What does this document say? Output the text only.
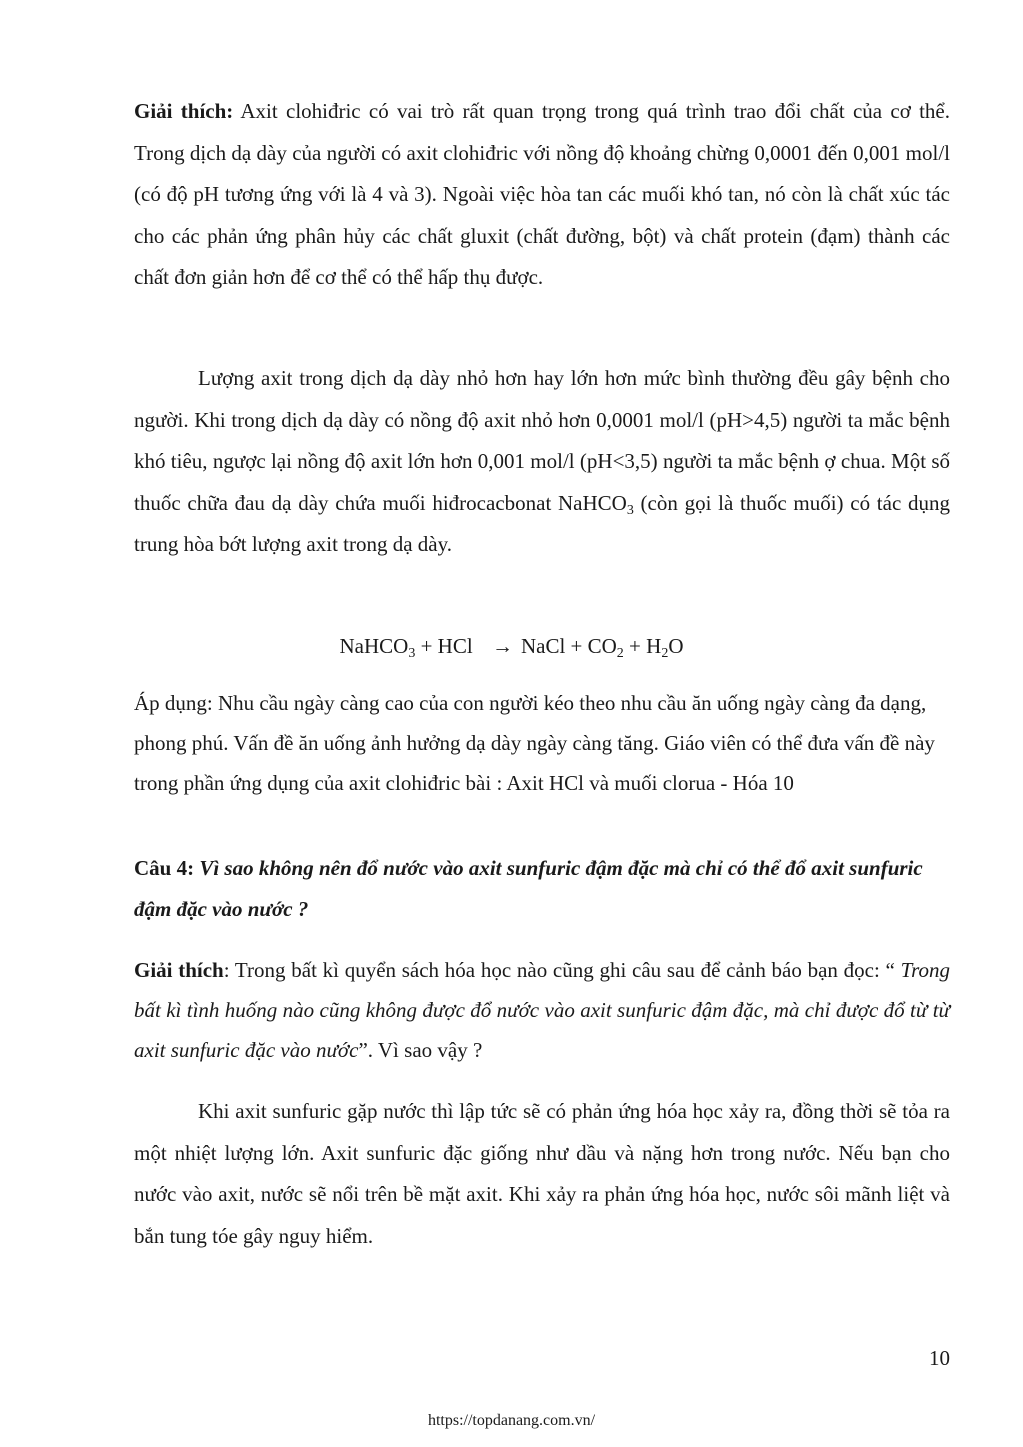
Giải thích: Axit clohiđric có vai trò rất quan trọng trong quá trình trao đổi chất của cơ thể. Trong dịch dạ dày của người có axit clohiđric với nồng độ khoảng chừng 0,0001 đến 0,001 mol/l (có độ pH tương ứng với là 4 và 3). Ngoài việc hòa tan các muối khó tan, nó còn là chất xúc tác cho các phản ứng phân hủy các chất gluxit (chất đường, bột) và chất protein (đạm) thành các chất đơn giản hơn để cơ thể có thể hấp thụ được.

Lượng axit trong dịch dạ dày nhỏ hơn hay lớn hơn mức bình thường đều gây bệnh cho người. Khi trong dịch dạ dày có nồng độ axit nhỏ hơn 0,0001 mol/l (pH>4,5) người ta mắc bệnh khó tiêu, ngược lại nồng độ axit lớn hơn 0,001 mol/l (pH<3,5) người ta mắc bệnh ợ chua. Một số thuốc chữa đau dạ dày chứa muối hiđrocacbonat NaHCO$_3$ (còn gọi là thuốc muối) có tác dụng trung hòa bớt lượng axit trong dạ dày.

NaHCO$_3$ + HCl → NaCl + $CO_2 + H_2O$

Áp dụng: Nhu cầu ngày càng cao của con người kéo theo nhu cầu ăn uống ngày càng đa dạng, phong phú. Vấn đề ăn uống ảnh hưởng dạ dày ngày càng tăng. Giáo viên có thể đưa vấn đề này trong phần ứng dụng của axit clohiđric bài : Axit HCl và muối clorua - Hóa 10

Câu 4: Vì sao không nên đổ nước vào axit sunfuric đậm đặc mà chỉ có thể đổ axit sunfuric đậm đặc vào nước ?

Giải thích: Trong bất kì quyển sách hóa học nào cũng ghi câu sau để cảnh báo bạn đọc: “ Trong bất kì tình huống nào cũng không được đổ nước vào axit sunfuric đậm đặc, mà chỉ được đổ từ từ axit sunfuric đặc vào nước”. Vì sao vậy ?

Khi axit sunfuric gặp nước thì lập tức sẽ có phản ứng hóa học xảy ra, đồng thời sẽ tỏa ra một nhiệt lượng lớn. Axit sunfuric đặc giống như dầu và nặng hơn trong nước. Nếu bạn cho nước vào axit, nước sẽ nổi trên bề mặt axit. Khi xảy ra phản ứng hóa học, nước sôi mãnh liệt và bắn tung tóe gây nguy hiểm.

10
https://topdanang.com.vn/
